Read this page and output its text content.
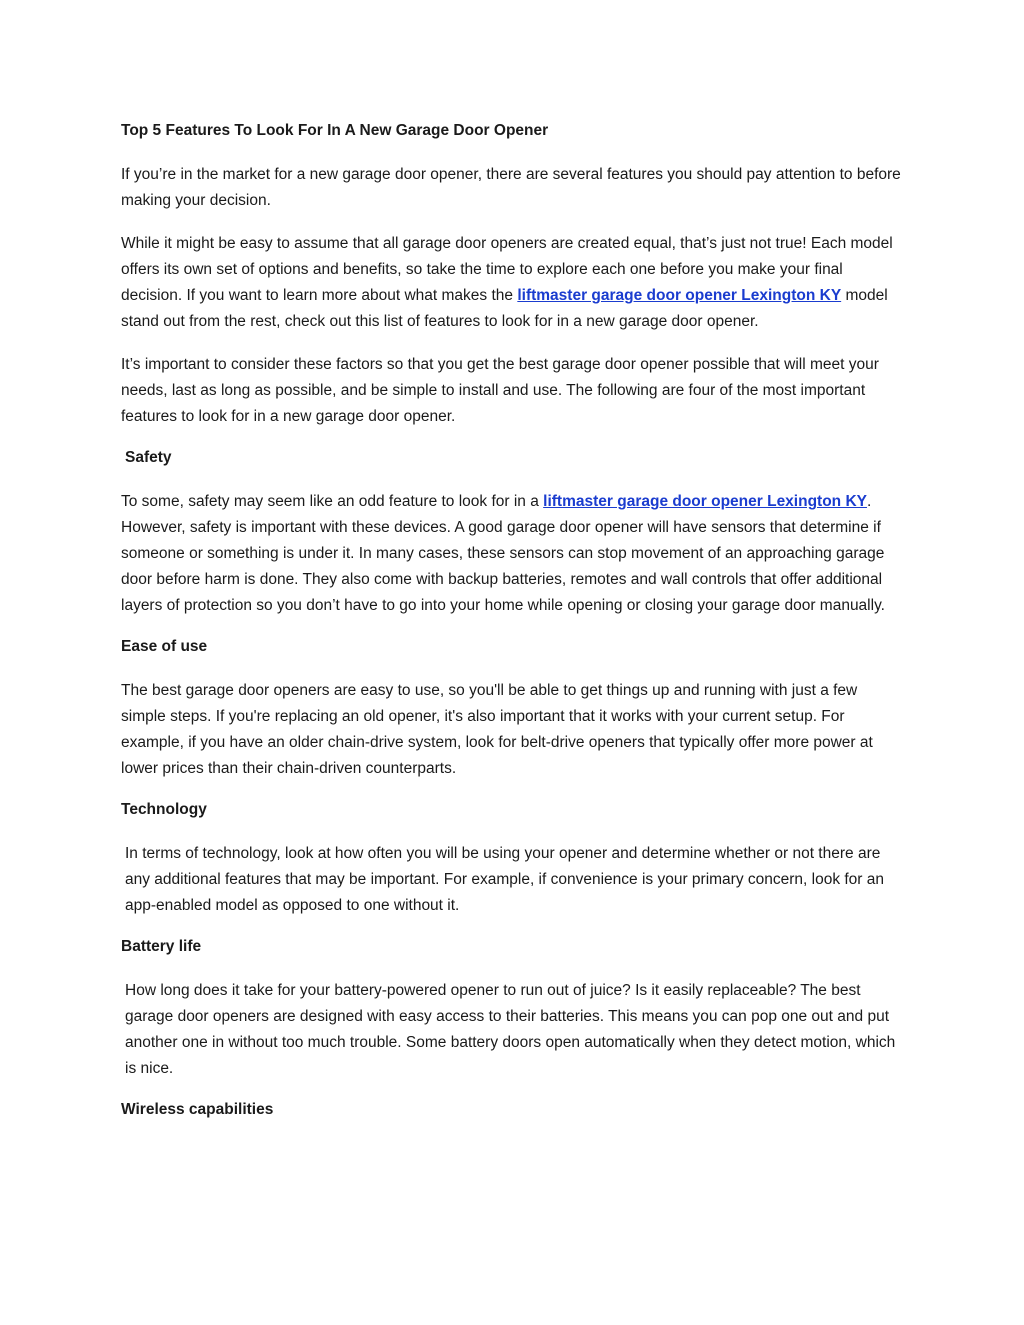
Top 5 Features To Look For In A New Garage Door Opener

If you’re in the market for a new garage door opener, there are several features you should pay attention to before making your decision.

While it might be easy to assume that all garage door openers are created equal, that’s just not true! Each model offers its own set of options and benefits, so take the time to explore each one before you make your final decision. If you want to learn more about what makes the liftmaster garage door opener Lexington KY model stand out from the rest, check out this list of features to look for in a new garage door opener.

It’s important to consider these factors so that you get the best garage door opener possible that will meet your needs, last as long as possible, and be simple to install and use. The following are four of the most important features to look for in a new garage door opener.

Safety

To some, safety may seem like an odd feature to look for in a liftmaster garage door opener Lexington KY. However, safety is important with these devices. A good garage door opener will have sensors that determine if someone or something is under it. In many cases, these sensors can stop movement of an approaching garage door before harm is done. They also come with backup batteries, remotes and wall controls that offer additional layers of protection so you don’t have to go into your home while opening or closing your garage door manually.

Ease of use

The best garage door openers are easy to use, so you'll be able to get things up and running with just a few simple steps. If you're replacing an old opener, it's also important that it works with your current setup. For example, if you have an older chain-drive system, look for belt-drive openers that typically offer more power at lower prices than their chain-driven counterparts.

Technology

In terms of technology, look at how often you will be using your opener and determine whether or not there are any additional features that may be important. For example, if convenience is your primary concern, look for an app-enabled model as opposed to one without it.

Battery life

How long does it take for your battery-powered opener to run out of juice? Is it easily replaceable? The best garage door openers are designed with easy access to their batteries. This means you can pop one out and put another one in without too much trouble. Some battery doors open automatically when they detect motion, which is nice.

Wireless capabilities
